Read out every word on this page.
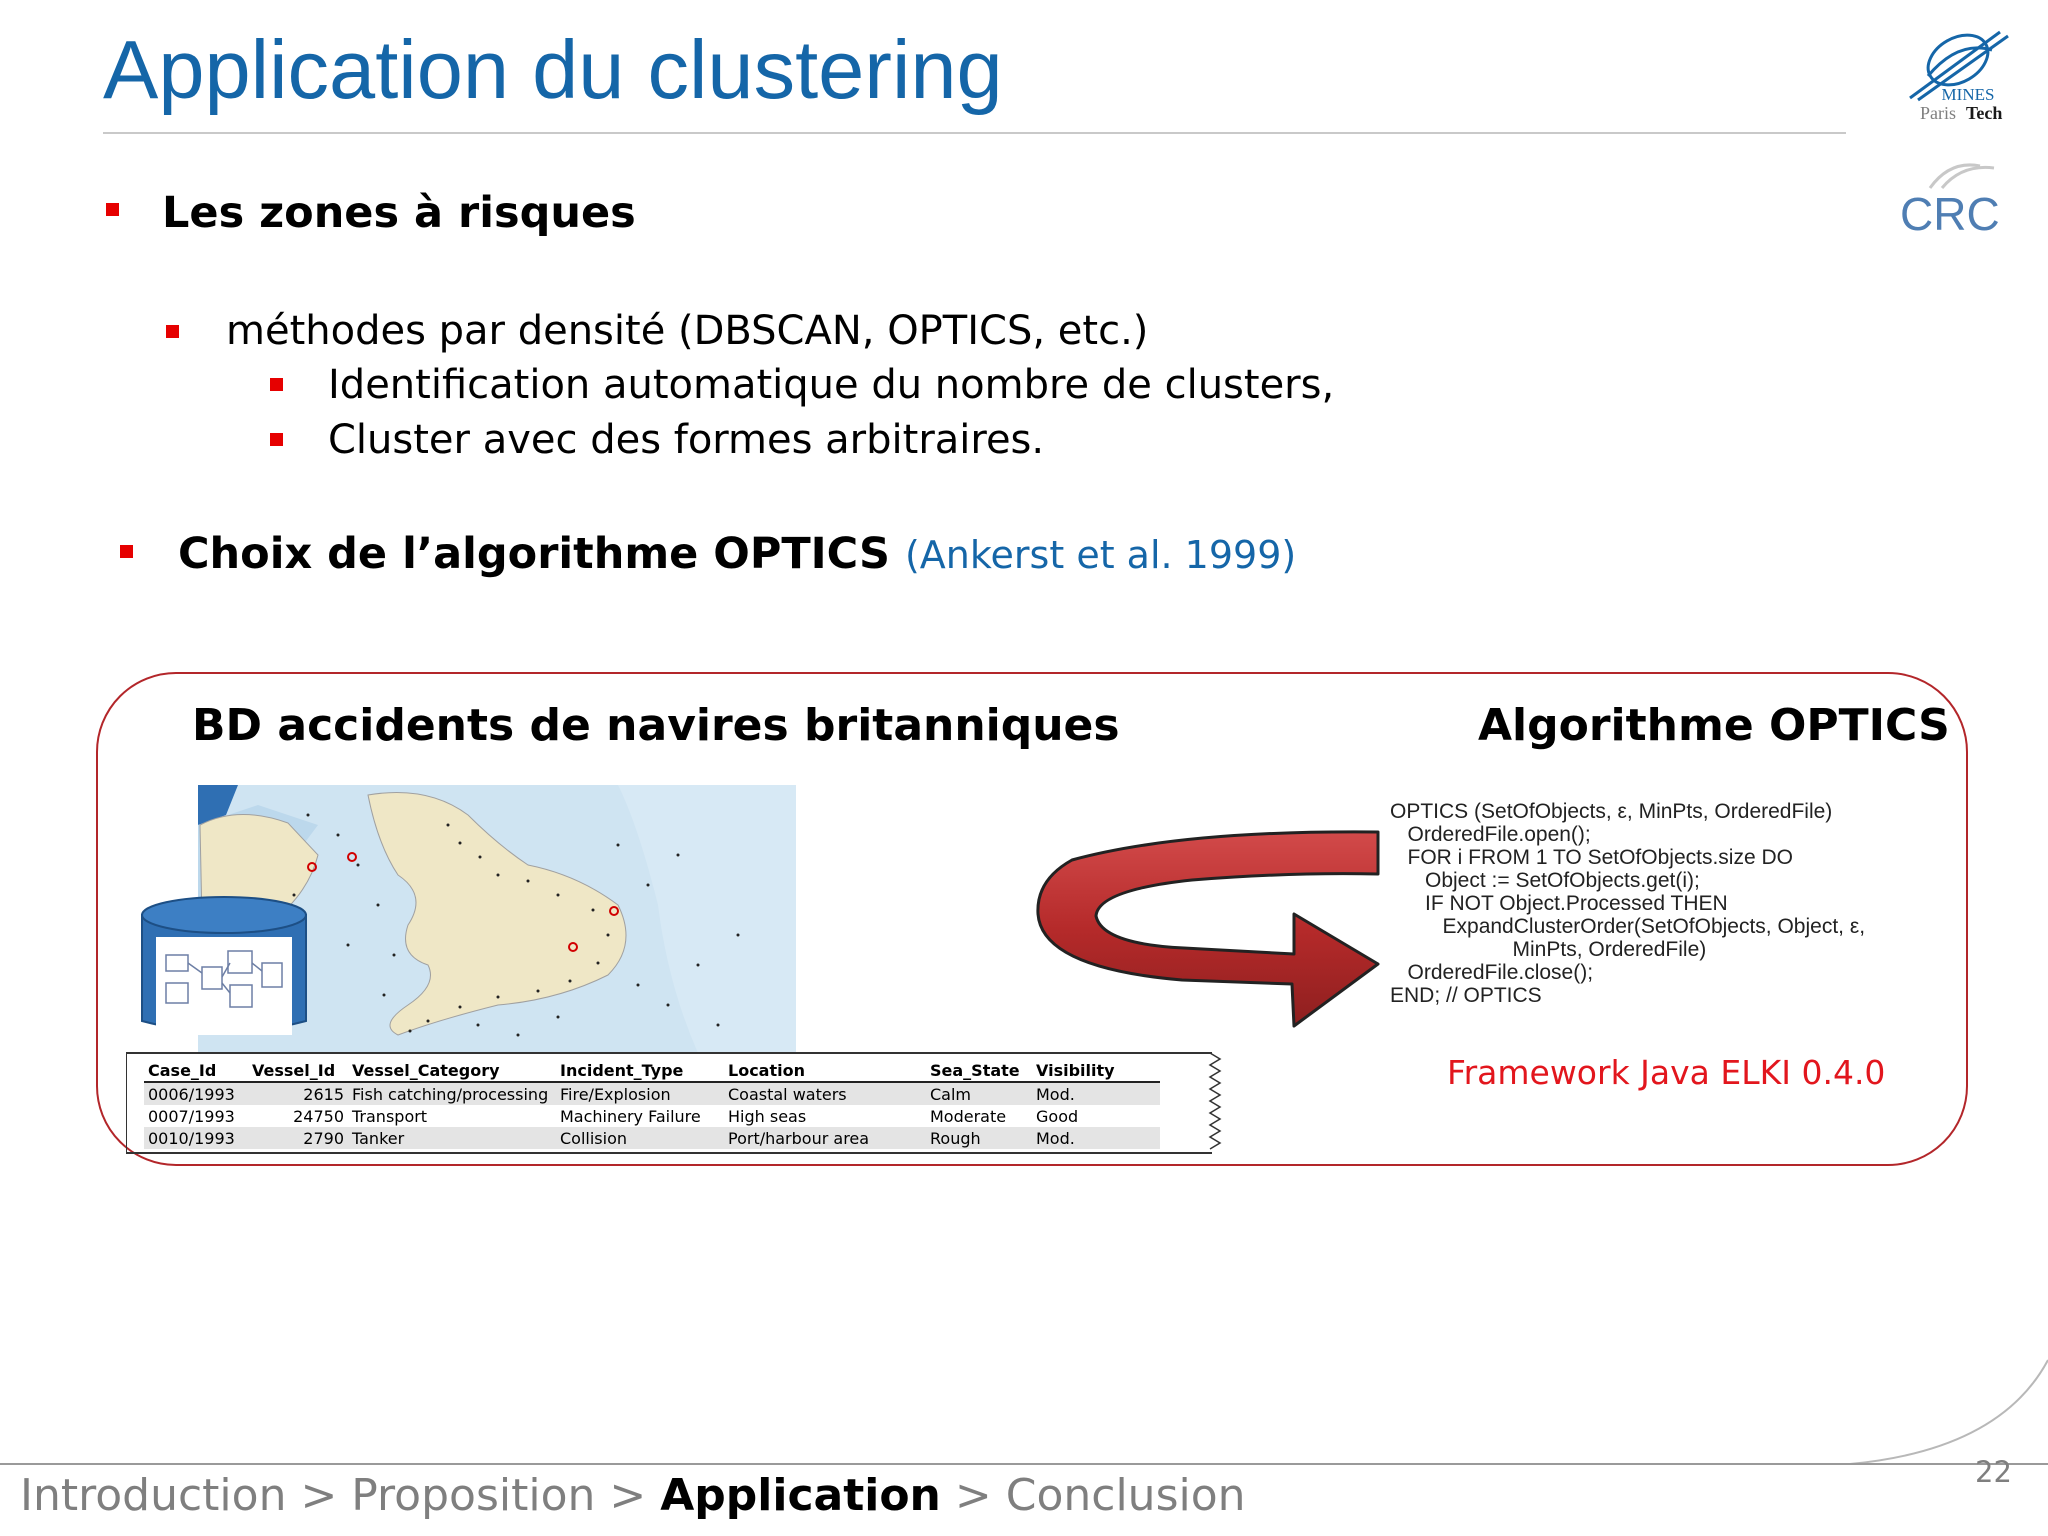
Application du clustering	MINES
Paris Tech
CRC
Les zones à risques
méthodes par densité (DBSCAN, OPTICS, etc.)
Identification automatique du nombre de clusters,
Cluster avec des formes arbitraires.
Choix de l’algorithme OPTICS (Ankerst et al. 1999)
BD accidents de navires britanniques	Algorithme OPTICS
Case_Id	Vessel_Id	Vessel_Category	Incident_Type	Location	Sea_State	Visibility
0006/1993	2615	Fish catching/processing	Fire/Explosion	Coastal waters	Calm	Mod.
0007/1993	24750	Transport	Machinery Failure	High seas	Moderate	Good
0010/1993	2790	Tanker	Collision	Port/harbour area	Rough	Mod.
OPTICS (SetOfObjects, ε, MinPts, OrderedFile)
OrderedFile.open();
FOR i FROM 1 TO SetOfObjects.size DO
Object := SetOfObjects.get(i);
IF NOT Object.Processed THEN
ExpandClusterOrder(SetOfObjects, Object, ε,
MinPts, OrderedFile)
OrderedFile.close();
END; // OPTICS
Framework Java ELKI 0.4.0
Introduction > Proposition > Application > Conclusion	22
